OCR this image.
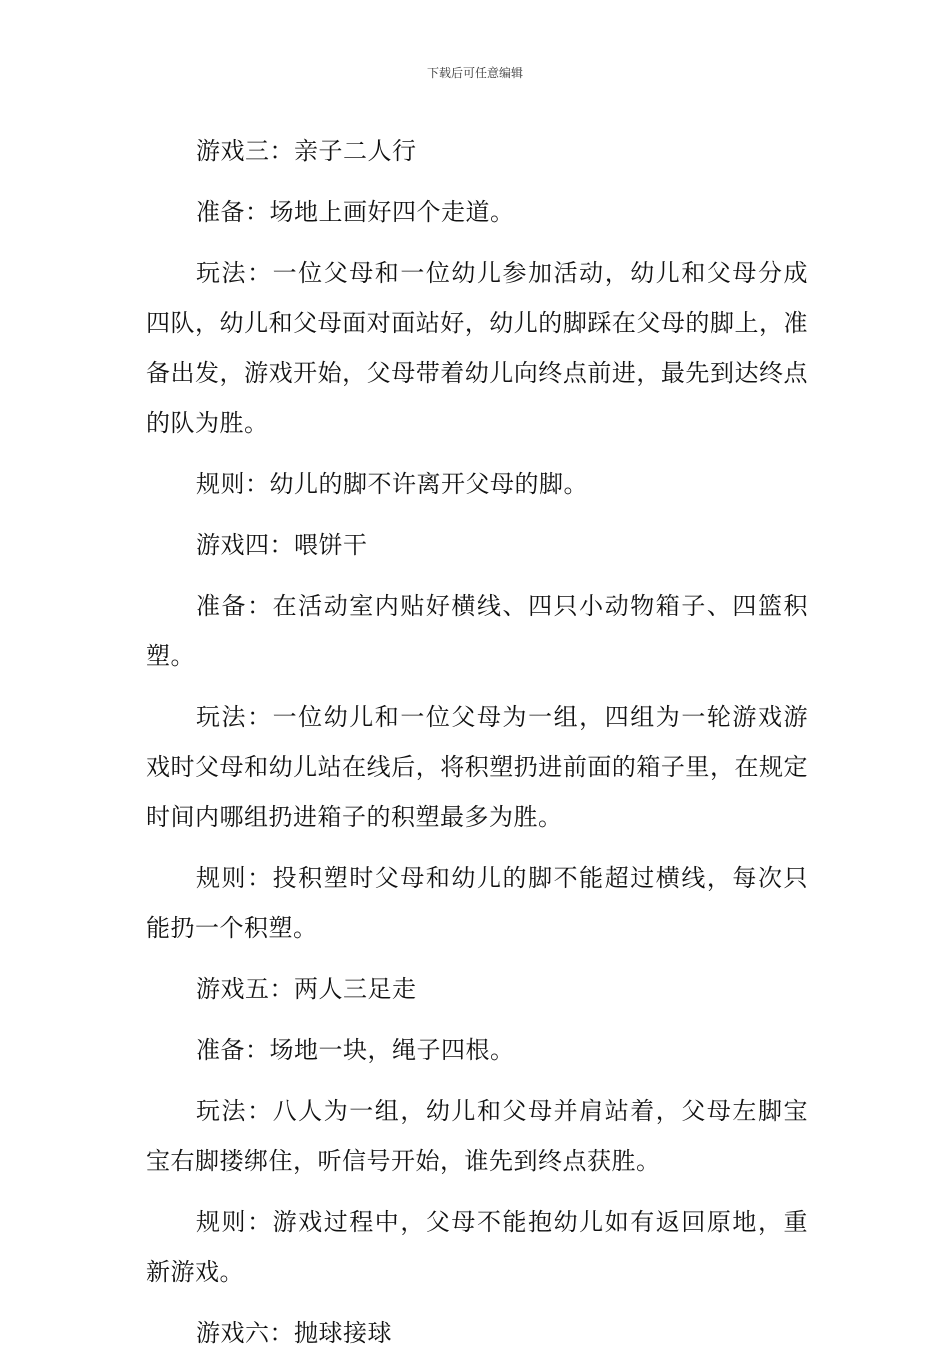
下载后可任意编辑

游戏三：亲子二人行

准备：场地上画好四个走道。

玩法：一位父母和一位幼儿参加活动，幼儿和父母分成四队，幼儿和父母面对面站好，幼儿的脚踩在父母的脚上，准备出发，游戏开始，父母带着幼儿向终点前进，最先到达终点的队为胜。

规则：幼儿的脚不许离开父母的脚。

游戏四：喂饼干

准备：在活动室内贴好横线、四只小动物箱子、四篮积塑。

玩法：一位幼儿和一位父母为一组，四组为一轮游戏游戏时父母和幼儿站在线后，将积塑扔进前面的箱子里，在规定时间内哪组扔进箱子的积塑最多为胜。

规则：投积塑时父母和幼儿的脚不能超过横线，每次只能扔一个积塑。

游戏五：两人三足走

准备：场地一块，绳子四根。

玩法：八人为一组，幼儿和父母并肩站着，父母左脚宝宝右脚搂绑住，听信号开始，谁先到终点获胜。

规则：游戏过程中，父母不能抱幼儿如有返回原地，重新游戏。

游戏六：抛球接球
